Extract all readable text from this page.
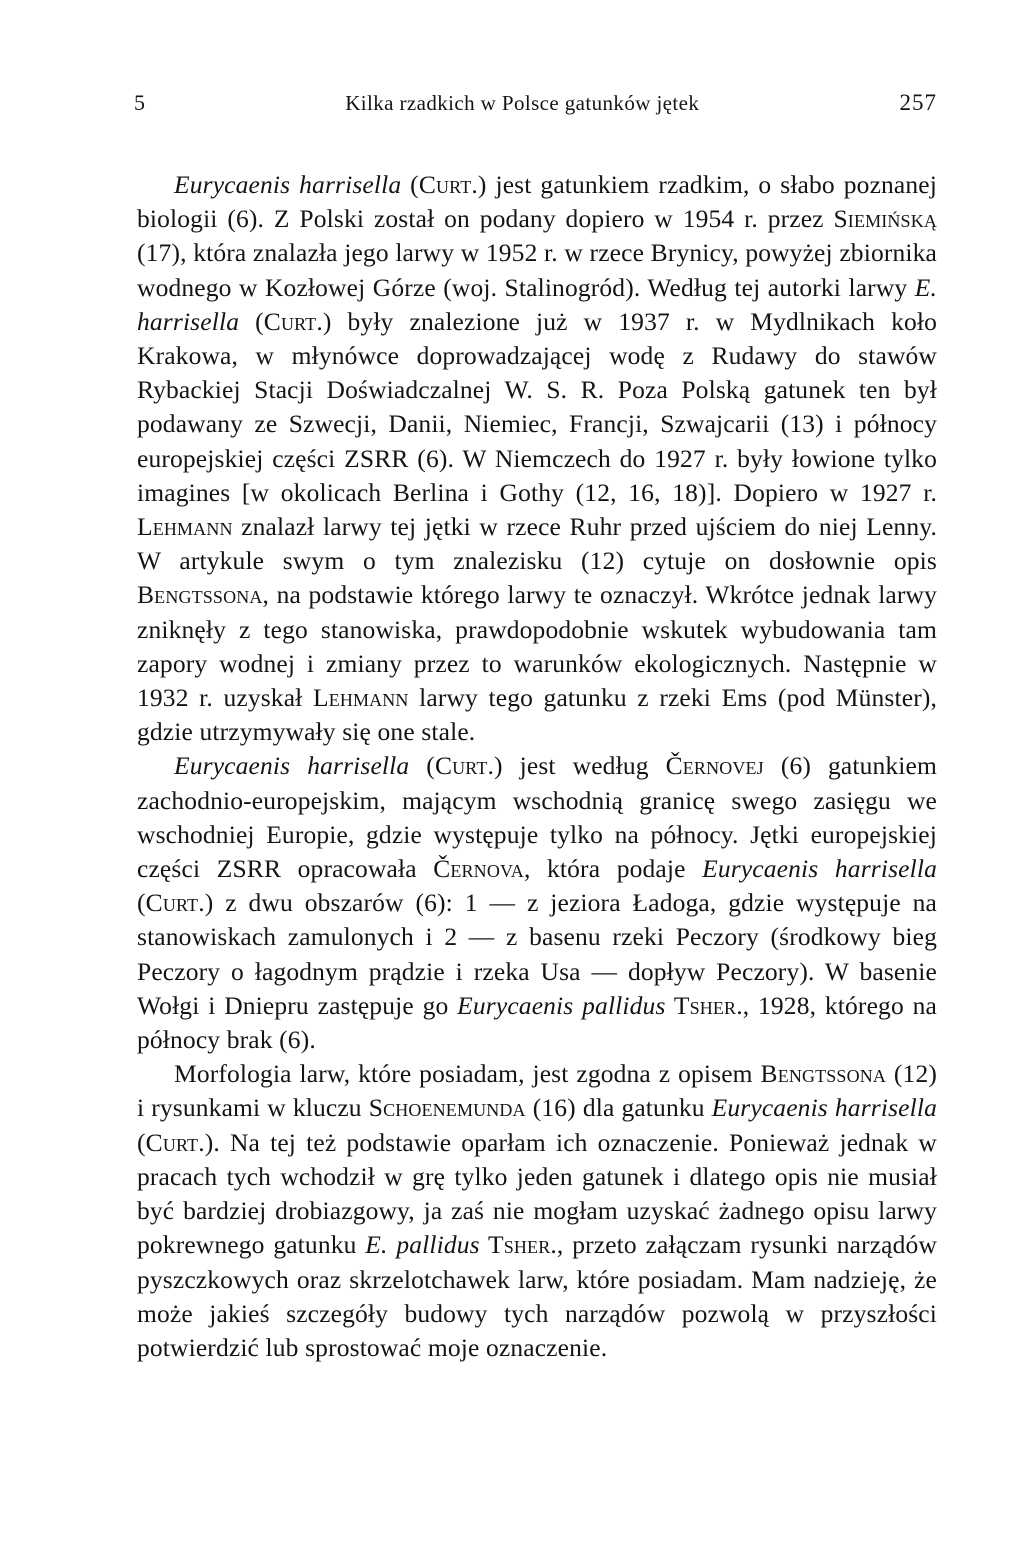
5	Kilka rzadkich w Polsce gatunków jętek	257

Eurycaenis harrisella (Curt.) jest gatunkiem rzadkim, o słabo poznanej biologii (6). Z Polski został on podany dopiero w 1954 r. przez Siemińską (17), która znalazła jego larwy w 1952 r. w rzece Brynicy, powyżej zbiornika wodnego w Kozłowej Górze (woj. Stalinogród). Według tej autorki larwy E. harrisella (Curt.) były znalezione już w 1937 r. w Mydlnikach koło Krakowa, w młynówce doprowadzającej wodę z Rudawy do stawów Rybackiej Stacji Doświadczalnej W. S. R. Poza Polską gatunek ten był podawany ze Szwecji, Danii, Niemiec, Francji, Szwajcarii (13) i północy europejskiej części ZSRR (6). W Niemczech do 1927 r. były łowione tylko imagines [w okolicach Berlina i Gothy (12, 16, 18)]. Dopiero w 1927 r. Lehmann znalazł larwy tej jętki w rzece Ruhr przed ujściem do niej Lenny. W artykule swym o tym znalezisku (12) cytuje on dosłownie opis Bengtssona, na podstawie którego larwy te oznaczył. Wkrótce jednak larwy zniknęły z tego stanowiska, prawdopodobnie wskutek wybudowania tam zapory wodnej i zmiany przez to warunków ekologicznych. Następnie w 1932 r. uzyskał Lehmann larwy tego gatunku z rzeki Ems (pod Münster), gdzie utrzymywały się one stale.

Eurycaenis harrisella (Curt.) jest według Černovej (6) gatunkiem zachodnio-europejskim, mającym wschodnią granicę swego zasięgu we wschodniej Europie, gdzie występuje tylko na północy. Jętki europejskiej części ZSRR opracowała Černova, która podaje Eurycaenis harrisella (Curt.) z dwu obszarów (6): 1 — z jeziora Ładoga, gdzie występuje na stanowiskach zamulonych i 2 — z basenu rzeki Peczory (środkowy bieg Peczory o łagodnym prądzie i rzeka Usa — dopływ Peczory). W basenie Wołgi i Dniepru zastępuje go Eurycaenis pallidus Tsher., 1928, którego na północy brak (6).

Morfologia larw, które posiadam, jest zgodna z opisem Bengtssona (12) i rysunkami w kluczu Schoenemunda (16) dla gatunku Eurycaenis harrisella (Curt.). Na tej też podstawie oparłam ich oznaczenie. Ponieważ jednak w pracach tych wchodził w grę tylko jeden gatunek i dlatego opis nie musiał być bardziej drobiazgowy, ja zaś nie mogłam uzyskać żadnego opisu larwy pokrewnego gatunku E. pallidus Tsher., przeto załączam rysunki narządów pyszczkowych oraz skrzelotchawek larw, które posiadam. Mam nadzieję, że może jakieś szczegóły budowy tych narządów pozwolą w przyszłości potwierdzić lub sprostować moje oznaczenie.
